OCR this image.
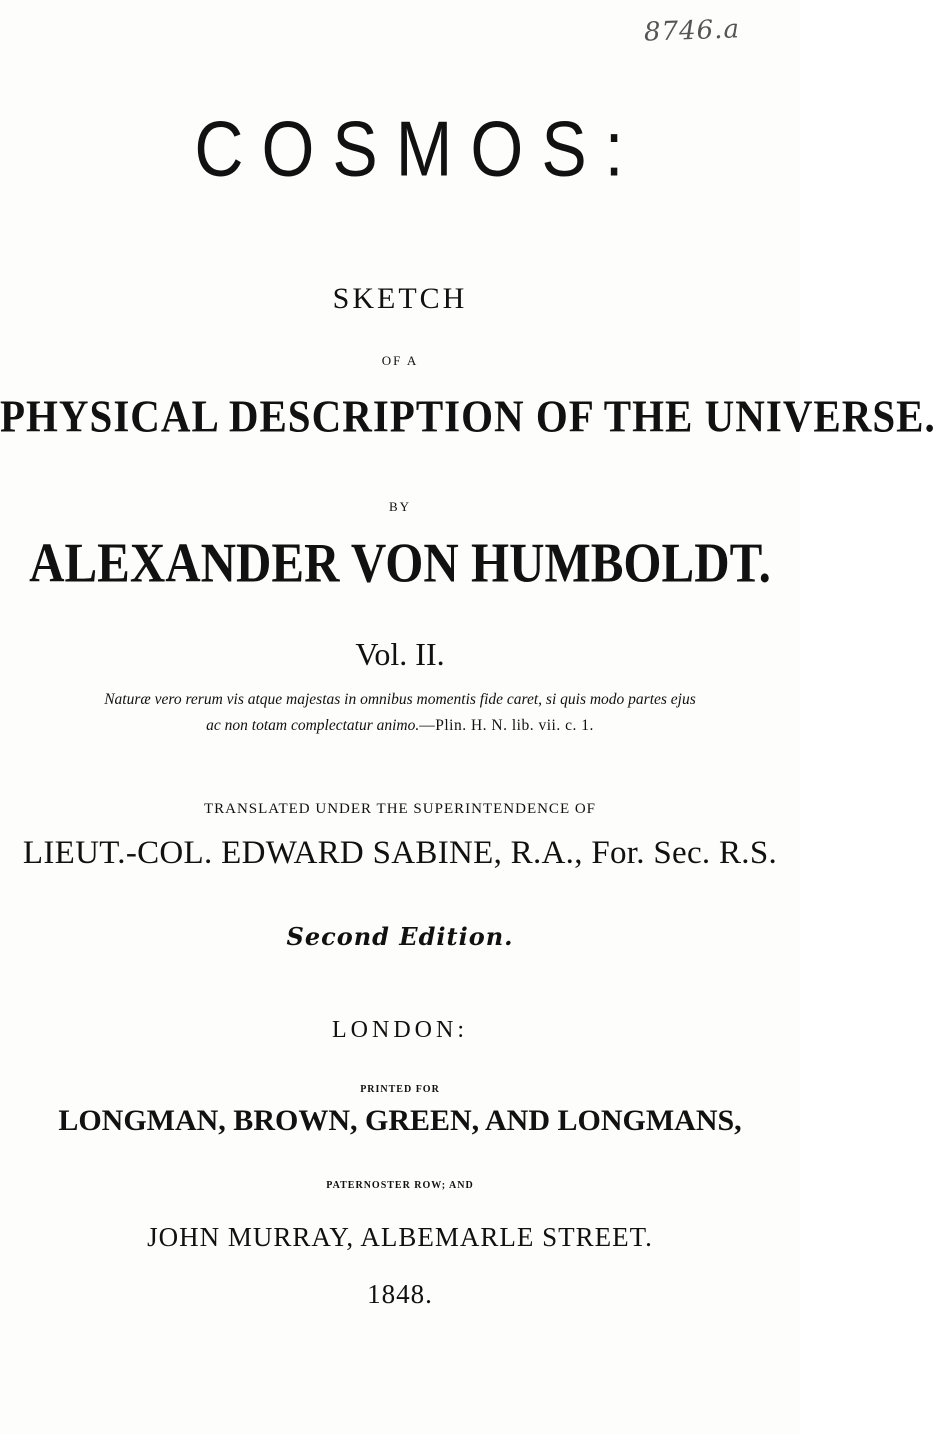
8746.a
COSMOS:

SKETCH

OF A

PHYSICAL DESCRIPTION OF THE UNIVERSE.

BY

ALEXANDER VON HUMBOLDT.

Vol. II.

Naturæ vero rerum vis atque majestas in omnibus momentis fide caret, si quis modo partes ejus
ac non totam complectatur animo.—Plin. H. N. lib. vii. c. 1.

TRANSLATED UNDER THE SUPERINTENDENCE OF

LIEUT.-COL. EDWARD SABINE, R.A., For. Sec. R.S.

Second Edition.

LONDON:

PRINTED FOR

LONGMAN, BROWN, GREEN, AND LONGMANS,

PATERNOSTER ROW; AND

JOHN MURRAY, ALBEMARLE STREET.

1848.
